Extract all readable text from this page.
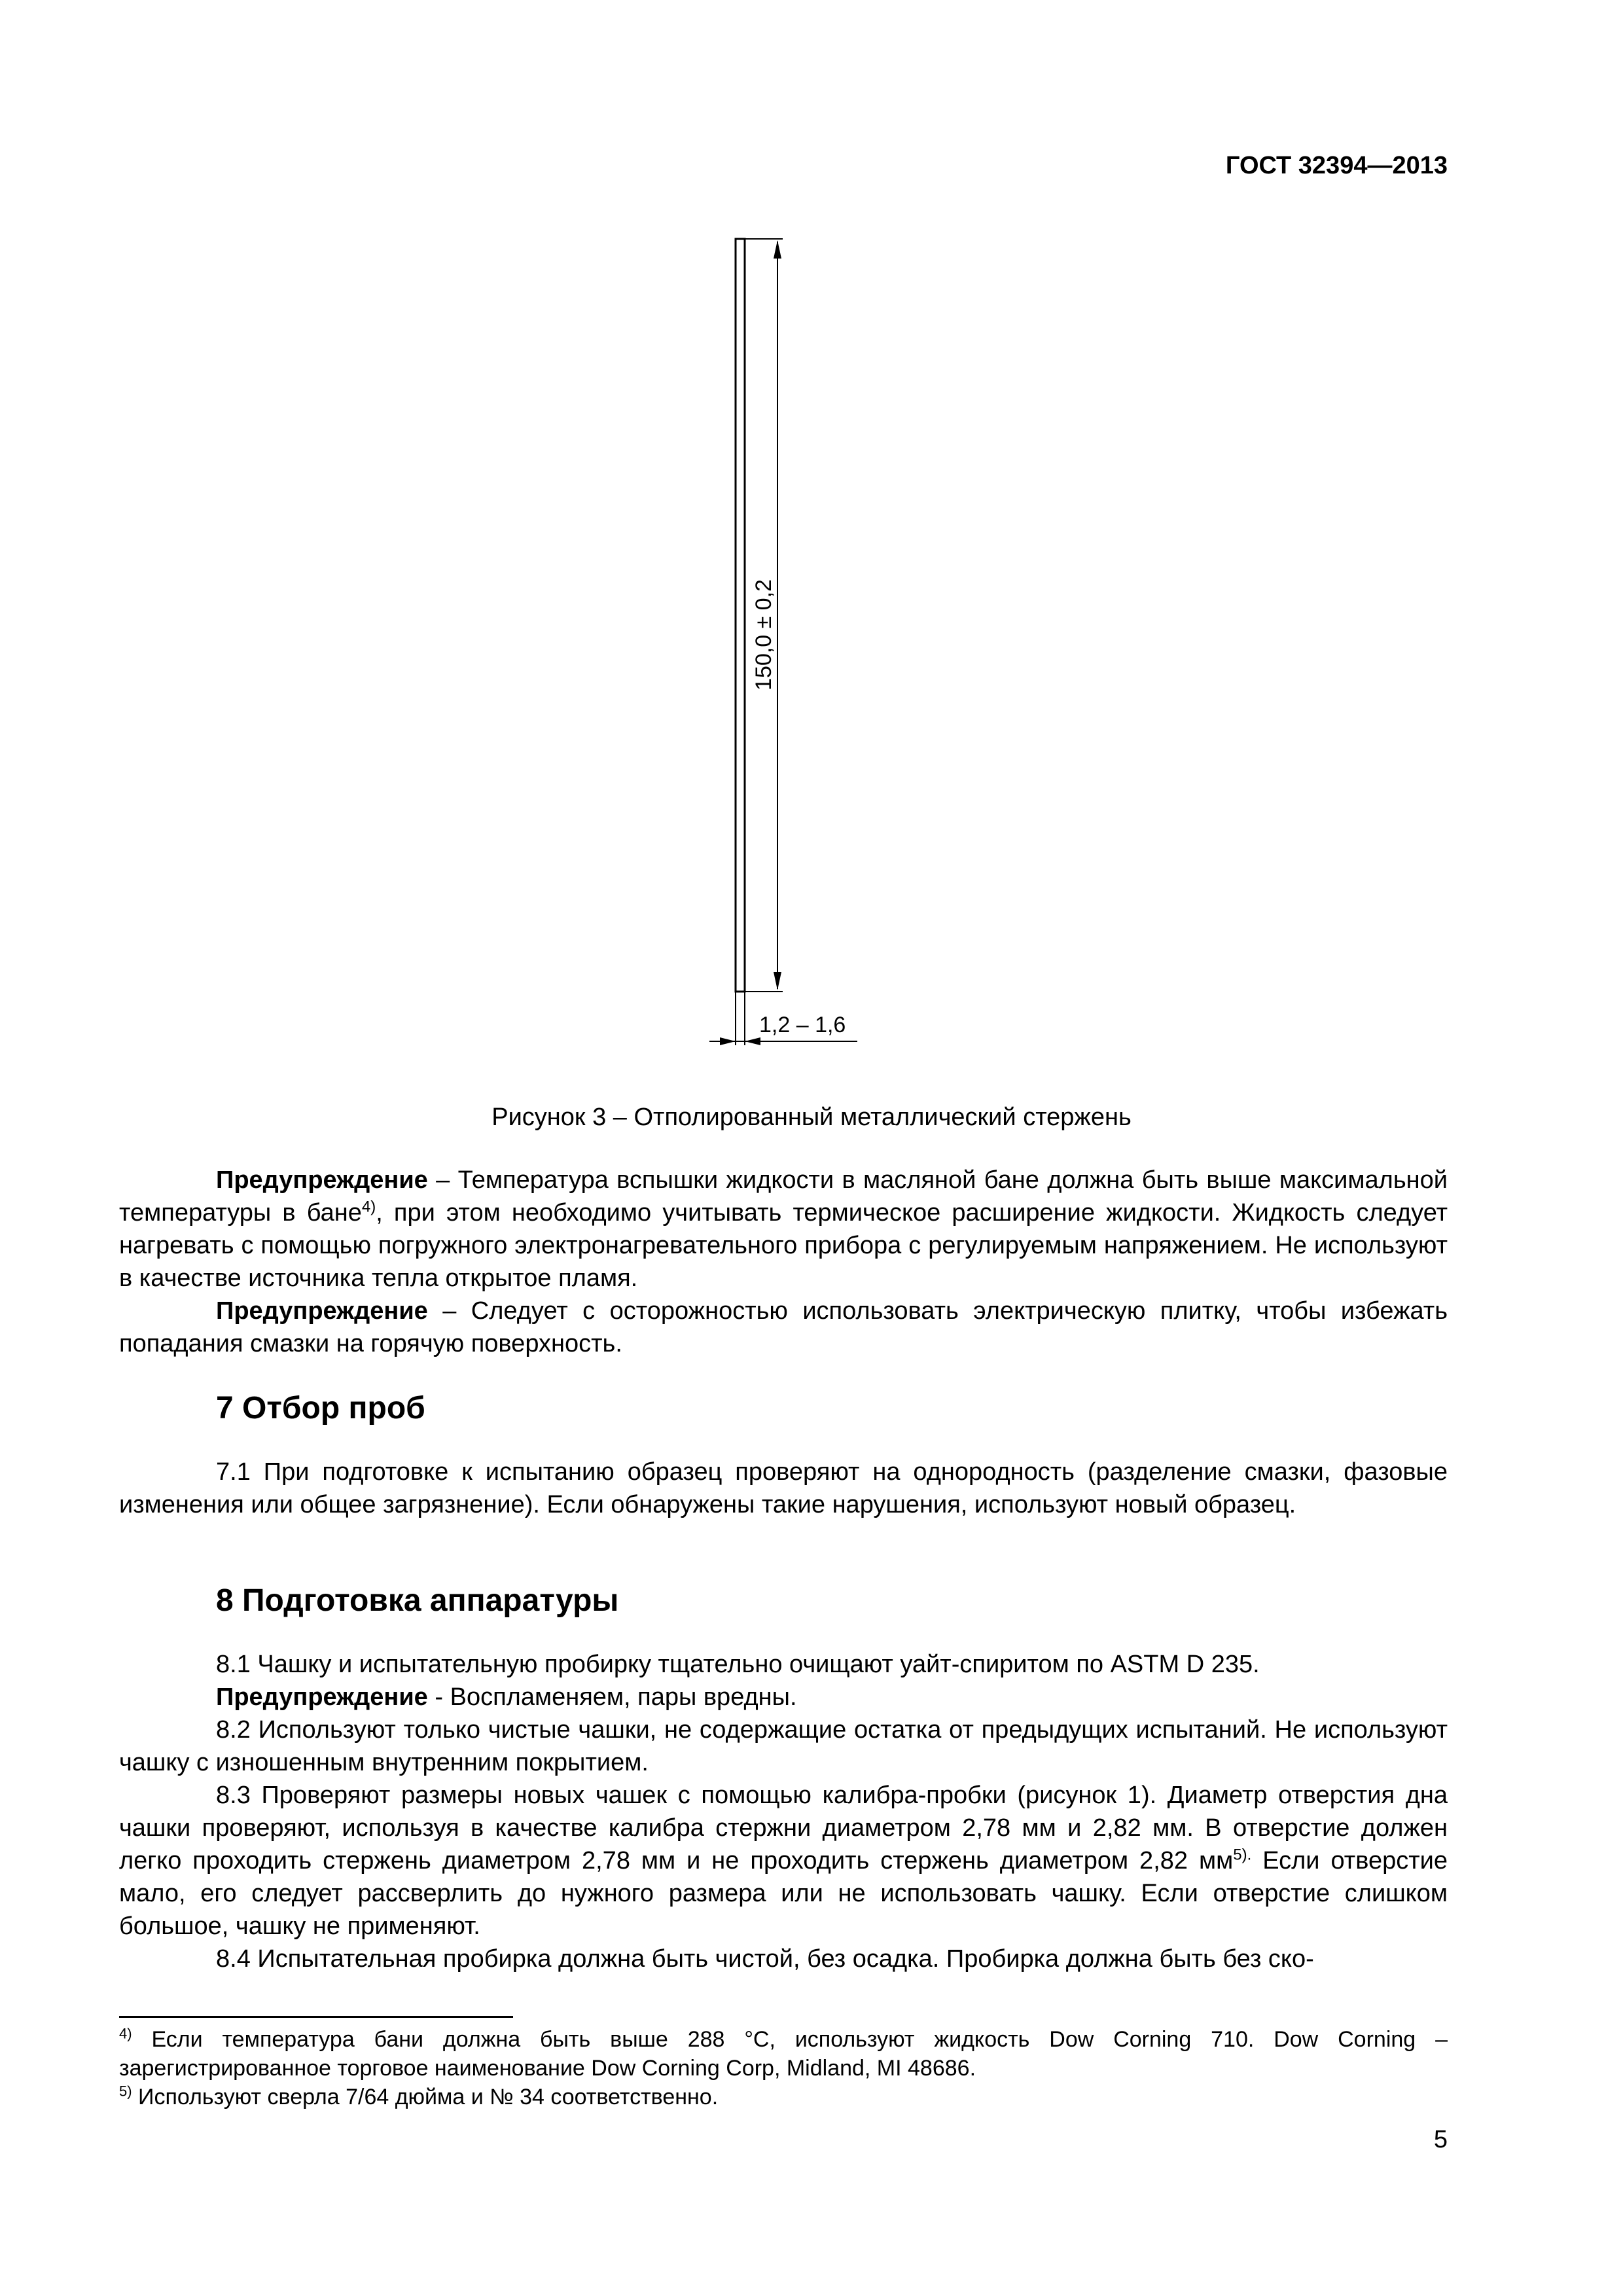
ГОСТ 32394—2013
150,0 ± 0,2
1,2 – 1,6
Рисунок 3 – Отполированный металлический стержень
Предупреждение – Температура вспышки жидкости в масляной бане должна быть выше максимальной температуры в бане$^{4)}$, при этом необходимо учитывать термическое расширение жидкости. Жидкость следует нагревать с помощью погружного электронагревательного прибора с регулируемым напряжением. Не используют в качестве источника тепла открытое пламя.
Предупреждение – Следует с осторожностью использовать электрическую плитку, чтобы избежать попадания смазки на горячую поверхность.
7 Отбор проб
7.1 При подготовке к испытанию образец проверяют на однородность (разделение смазки, фазовые изменения или общее загрязнение). Если обнаружены такие нарушения, используют новый образец.
8 Подготовка аппаратуры
8.1 Чашку и испытательную пробирку тщательно очищают уайт-спиритом по ASTM D 235.
Предупреждение - Воспламеняем, пары вредны.
8.2 Используют только чистые чашки, не содержащие остатка от предыдущих испытаний. Не используют чашку с изношенным внутренним покрытием.
8.3 Проверяют размеры новых чашек с помощью калибра-пробки (рисунок 1). Диаметр отверстия дна чашки проверяют, используя в качестве калибра стержни диаметром 2,78 мм и 2,82 мм. В отверстие должен легко проходить стержень диаметром 2,78 мм и не проходить стержень диаметром 2,82 $мм^{5).}$ Если отверстие мало, его следует рассверлить до нужного размера или не использовать чашку. Если отверстие слишком большое, чашку не применяют.
8.4 Испытательная пробирка должна быть чистой, без осадка. Пробирка должна быть без ско-
$^{4)}$ Если температура бани должна быть выше 288 °С, используют жидкость Dow Corning 710. Dow Corning – зарегистрированное торговое наименование Dow Corning Corp, Midland, MI 48686.
$^{5)}$ Используют сверла 7/64 дюйма и № 34 соответственно.
5
